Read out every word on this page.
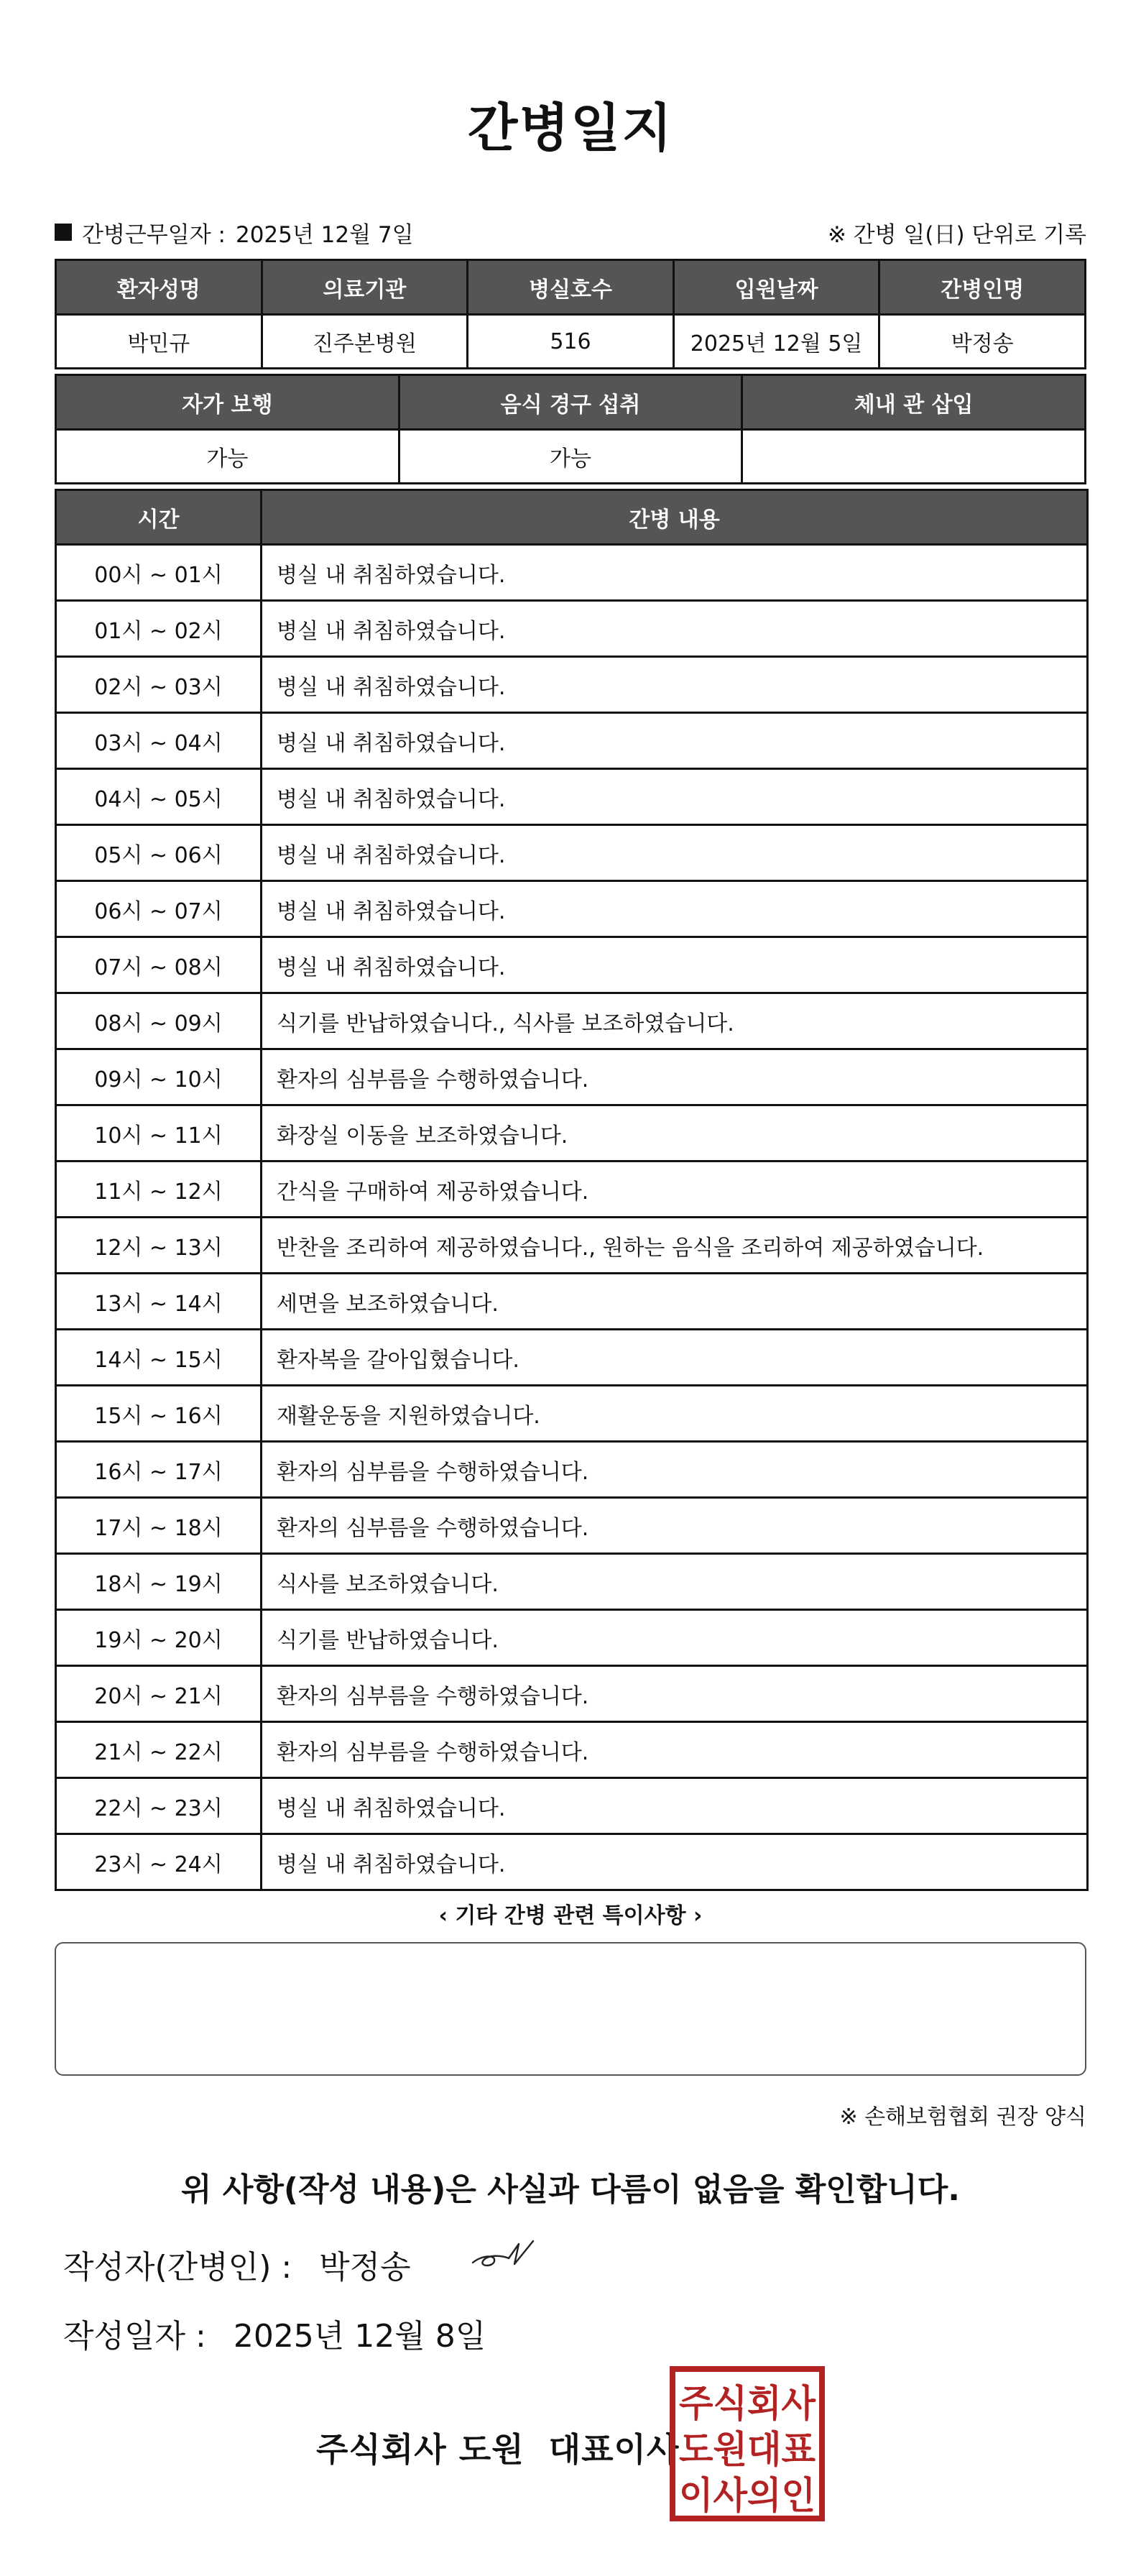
간병일지
간병근무일자 : 2025년 12월 7일	※ 간병 일(日) 단위로 기록
환자성명	의료기관	병실호수	입원날짜	간병인명
박민규	진주본병원	516	2025년 12월 5일	박정송
자가 보행	음식 경구 섭취	체내 관 삽입
가능	가능	
시간	간병 내용
00시 ~ 01시	병실 내 취침하였습니다.
01시 ~ 02시	병실 내 취침하였습니다.
02시 ~ 03시	병실 내 취침하였습니다.
03시 ~ 04시	병실 내 취침하였습니다.
04시 ~ 05시	병실 내 취침하였습니다.
05시 ~ 06시	병실 내 취침하였습니다.
06시 ~ 07시	병실 내 취침하였습니다.
07시 ~ 08시	병실 내 취침하였습니다.
08시 ~ 09시	식기를 반납하였습니다., 식사를 보조하였습니다.
09시 ~ 10시	환자의 심부름을 수행하였습니다.
10시 ~ 11시	화장실 이동을 보조하였습니다.
11시 ~ 12시	간식을 구매하여 제공하였습니다.
12시 ~ 13시	반찬을 조리하여 제공하였습니다., 원하는 음식을 조리하여 제공하였습니다.
13시 ~ 14시	세면을 보조하였습니다.
14시 ~ 15시	환자복을 갈아입혔습니다.
15시 ~ 16시	재활운동을 지원하였습니다.
16시 ~ 17시	환자의 심부름을 수행하였습니다.
17시 ~ 18시	환자의 심부름을 수행하였습니다.
18시 ~ 19시	식사를 보조하였습니다.
19시 ~ 20시	식기를 반납하였습니다.
20시 ~ 21시	환자의 심부름을 수행하였습니다.
21시 ~ 22시	환자의 심부름을 수행하였습니다.
22시 ~ 23시	병실 내 취침하였습니다.
23시 ~ 24시	병실 내 취침하였습니다.
‹ 기타 간병 관련 특이사항 ›
※ 손해보험협회 권장 양식
위 사항(작성 내용)은 사실과 다름이 없음을 확인합니다.
작성자(간병인) : 박정송
작성일자 : 2025년 12월 8일
주식회사 도원  대표이사
주식회사
도원대표
이사의인
